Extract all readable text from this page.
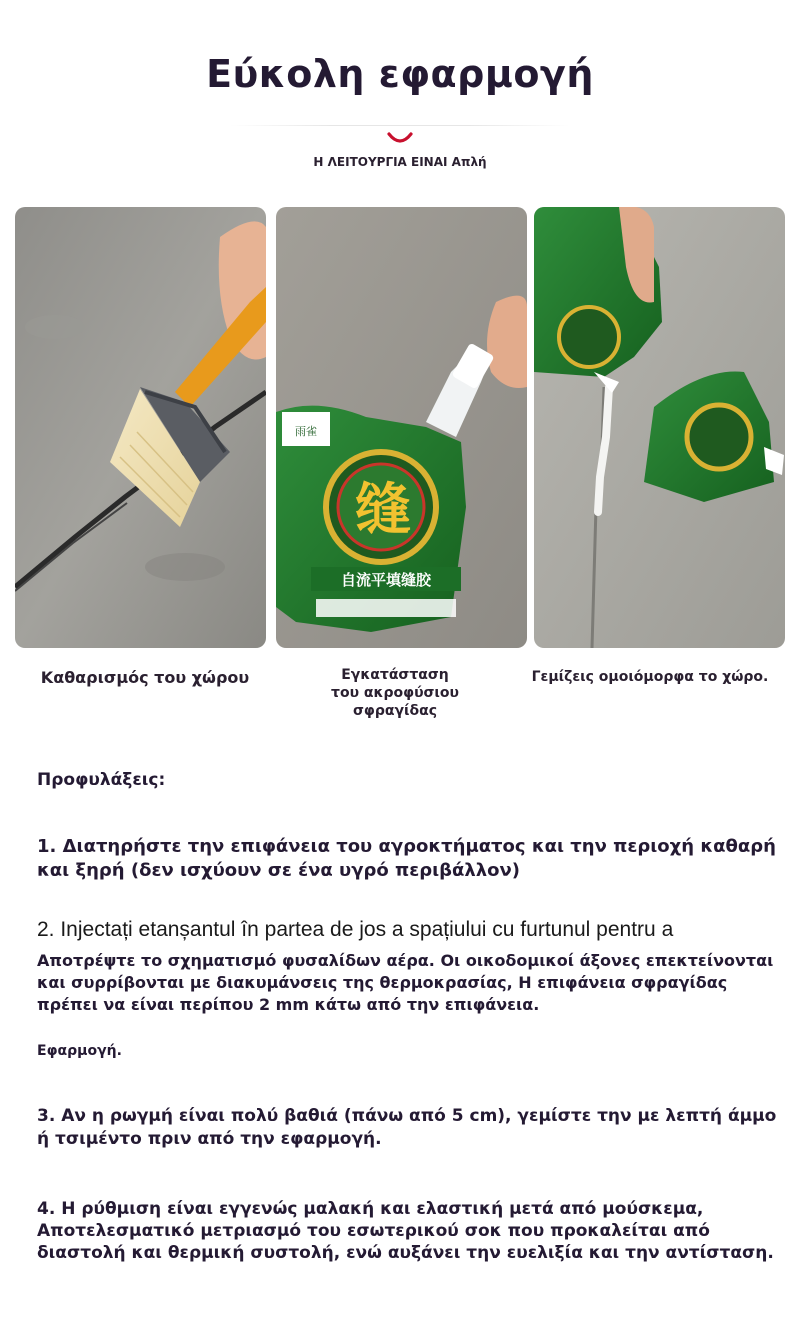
Εύκολη εφαρμογή
Η ΛΕΙΤΟΥΡΓΙΑ ΕΙΝΑΙ Απλή
雨雀
缝
自流平填缝胶
Καθαρισμός του χώρου	Εγκατάσταση
του ακροφύσιου
σφραγίδας
Γεμίζεις ομοιόμορφα το χώρο.
Προφυλάξεις:
1. Διατηρήστε την επιφάνεια του αγροκτήματος και την περιοχή καθαρή και ξηρή (δεν ισχύουν σε ένα υγρό περιβάλλον)
2. Injectați etanșantul în partea de jos a spațiului cu furtunul pentru a
Αποτρέψτε το σχηματισμό φυσαλίδων αέρα. Οι οικοδομικοί άξονες επεκτείνονται και συρρίβονται με διακυμάνσεις της θερμοκρασίας, Η επιφάνεια σφραγίδας πρέπει να είναι περίπου 2 mm κάτω από την επιφάνεια.
Εφαρμογή.
3. Αν η ρωγμή είναι πολύ βαθιά (πάνω από 5 cm), γεμίστε την με λεπτή άμμο ή τσιμέντο πριν από την εφαρμογή.
4. Η ρύθμιση είναι εγγενώς μαλακή και ελαστική μετά από μούσκεμα, Αποτελεσματικό μετριασμό του εσωτερικού σοκ που προκαλείται από διαστολή και θερμική συστολή, ενώ αυξάνει την ευελιξία και την αντίσταση.
